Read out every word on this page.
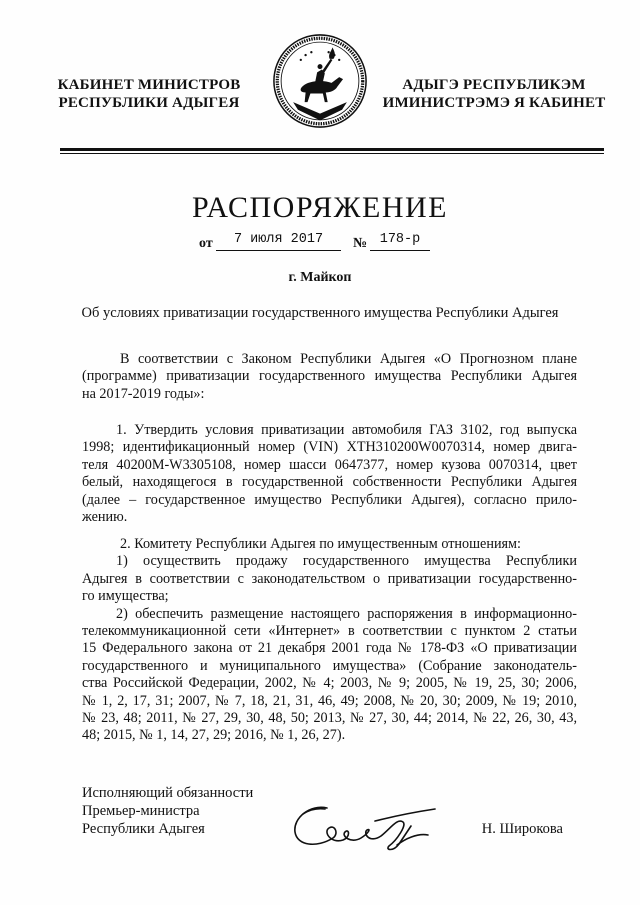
КАБИНЕТ МИНИСТРОВ
РЕСПУБЛИКИ АДЫГЕЯ
АДЫГЭ РЕСПУБЛИКЭМ
ИМИНИСТРЭМЭ Я КАБИНЕТ
РАСПОРЯЖЕНИЕ
от	7 июля 2017	№ 178-р
г. Майкоп
Об условиях приватизации государственного имущества Республики Адыгея
В соответствии с Законом Республики Адыгея «О Прогнозном плане
(программе) приватизации государственного имущества Республики Адыгея
на 2017-2019 годы»:
1. Утвердить условия приватизации автомобиля ГАЗ 3102, год выпуска
1998; идентификационный номер (VIN) XTH310200W0070314, номер двига-
теля 40200M-W3305108, номер шасси 0647377, номер кузова 0070314, цвет
белый, находящегося в государственной собственности Республики Адыгея
(далее – государственное имущество Республики Адыгея), согласно прило-
жению.
2. Комитету Республики Адыгея по имущественным отношениям:
1) осуществить продажу государственного имущества Республики
Адыгея в соответствии с законодательством о приватизации государственно-
го имущества;
2) обеспечить размещение настоящего распоряжения в информационно-
телекоммуникационной сети «Интернет» в соответствии с пунктом 2 статьи
15 Федерального закона от 21 декабря 2001 года № 178-ФЗ «О приватизации
государственного и муниципального имущества» (Собрание законодатель-
ства Российской Федерации, 2002, № 4; 2003, № 9; 2005, № 19, 25, 30; 2006,
№ 1, 2, 17, 31; 2007, № 7, 18, 21, 31, 46, 49; 2008, № 20, 30; 2009, № 19; 2010,
№ 23, 48; 2011, № 27, 29, 30, 48, 50; 2013, № 27, 30, 44; 2014, № 22, 26, 30, 43,
48; 2015, № 1, 14, 27, 29; 2016, № 1, 26, 27).
Исполняющий обязанности
Премьер-министра
Республики Адыгея	Н. Широкова
